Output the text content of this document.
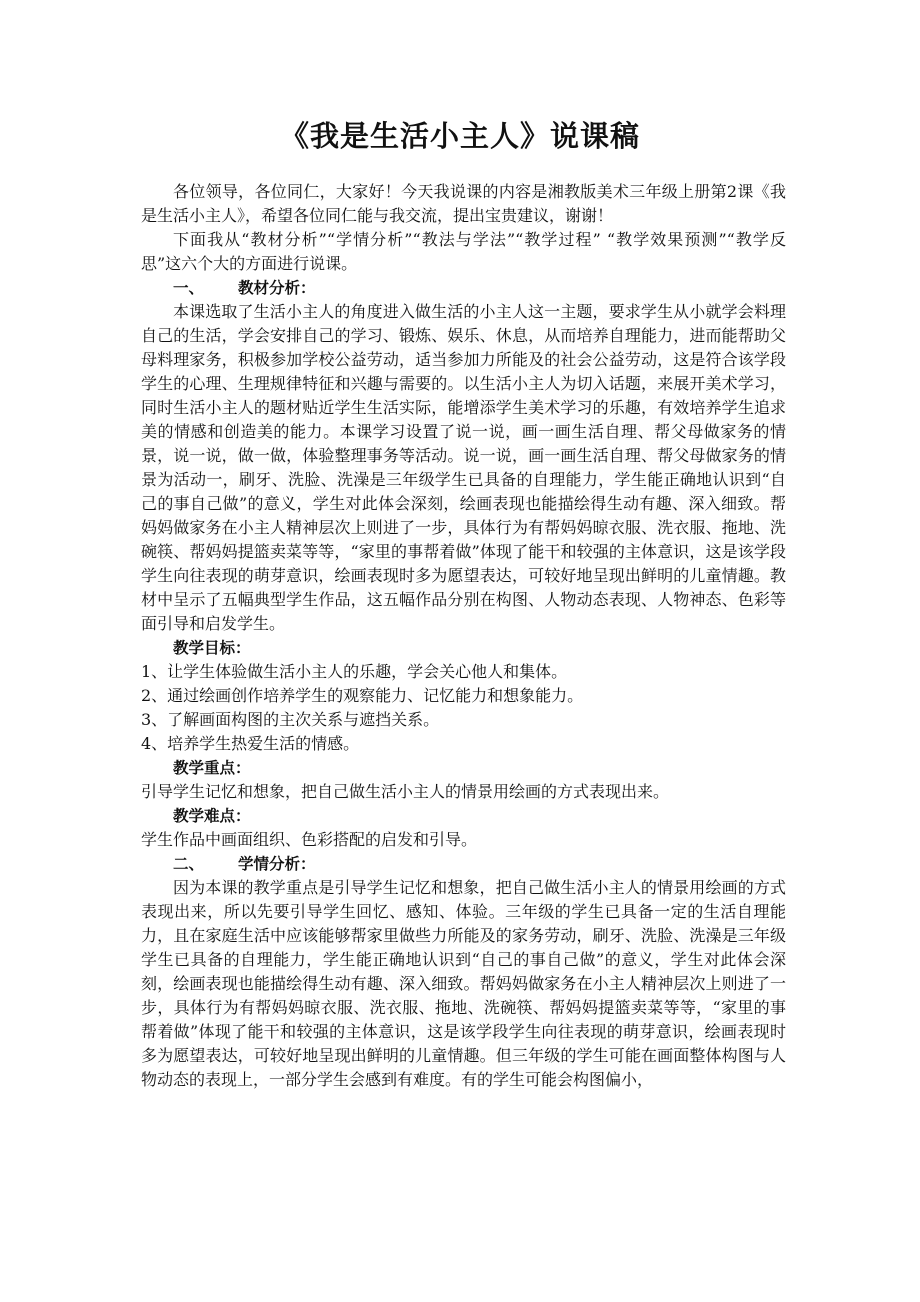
《我是生活小主人》说课稿

各位领导，各位同仁，大家好！今天我说课的内容是湘教版美术三年级上册第2课《我是生活小主人》，希望各位同仁能与我交流，提出宝贵建议，谢谢！

下面我从“教材分析”“学情分析”“教法与学法”“教学过程” “教学效果预测”“教学反思”这六个大的方面进行说课。

一、 教材分析：

本课选取了生活小主人的角度进入做生活的小主人这一主题，要求学生从小就学会料理自己的生活，学会安排自己的学习、锻炼、娱乐、休息，从而培养自理能力，进而能帮助父母料理家务，积极参加学校公益劳动，适当参加力所能及的社会公益劳动，这是符合该学段学生的心理、生理规律特征和兴趣与需要的。以生活小主人为切入话题，来展开美术学习，同时生活小主人的题材贴近学生生活实际，能增添学生美术学习的乐趣，有效培养学生追求美的情感和创造美的能力。本课学习设置了说一说，画一画生活自理、帮父母做家务的情景，说一说，做一做，体验整理事务等活动。说一说，画一画生活自理、帮父母做家务的情景为活动一，刷牙、洗脸、洗澡是三年级学生已具备的自理能力，学生能正确地认识到“自己的事自己做”的意义，学生对此体会深刻，绘画表现也能描绘得生动有趣、深入细致。帮妈妈做家务在小主人精神层次上则进了一步，具体行为有帮妈妈晾衣服、洗衣服、拖地、洗碗筷、帮妈妈提篮卖菜等等，“家里的事帮着做”体现了能干和较强的主体意识，这是该学段学生向往表现的萌芽意识，绘画表现时多为愿望表达，可较好地呈现出鲜明的儿童情趣。教材中呈示了五幅典型学生作品，这五幅作品分别在构图、人物动态表现、人物神态、色彩等面引导和启发学生。

教学目标：

1、让学生体验做生活小主人的乐趣，学会关心他人和集体。

2、通过绘画创作培养学生的观察能力、记忆能力和想象能力。

3、了解画面构图的主次关系与遮挡关系。

4、培养学生热爱生活的情感。

教学重点：

引导学生记忆和想象，把自己做生活小主人的情景用绘画的方式表现出来。

教学难点：

学生作品中画面组织、色彩搭配的启发和引导。

二、 学情分析：

因为本课的教学重点是引导学生记忆和想象，把自己做生活小主人的情景用绘画的方式表现出来，所以先要引导学生回忆、感知、体验。三年级的学生已具备一定的生活自理能力，且在家庭生活中应该能够帮家里做些力所能及的家务劳动，刷牙、洗脸、洗澡是三年级学生已具备的自理能力，学生能正确地认识到“自己的事自己做”的意义，学生对此体会深刻，绘画表现也能描绘得生动有趣、深入细致。帮妈妈做家务在小主人精神层次上则进了一步，具体行为有帮妈妈晾衣服、洗衣服、拖地、洗碗筷、帮妈妈提篮卖菜等等，“家里的事帮着做”体现了能干和较强的主体意识，这是该学段学生向往表现的萌芽意识，绘画表现时多为愿望表达，可较好地呈现出鲜明的儿童情趣。但三年级的学生可能在画面整体构图与人物动态的表现上，一部分学生会感到有难度。有的学生可能会构图偏小，
